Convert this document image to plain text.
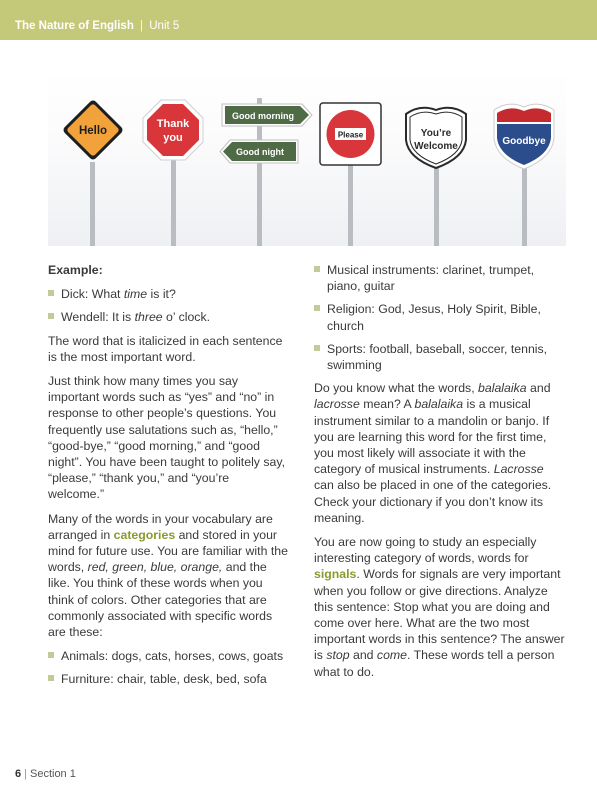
The Nature of English | Unit 5
Hello
Thank
you
Good morning
Good night
Please	You’re
Welcome	Goodbye

Example:

Dick: What time is it?
Wendell: It is three o’ clock.

The word that is italicized in each sentence is the most important word.

Just think how many times you say important words such as “yes” and “no” in response to other people’s questions. You frequently use salutations such as, “hello,” “good-bye,” “good morning,” and “good night”. You have been taught to politely say, “please,” “thank you,” and “you’re welcome.”

Many of the words in your vocabulary are arranged in categories and stored in your mind for future use. You are familiar with the words, red, green, blue, orange, and the like. You think of these words when you think of colors. Other categories that are commonly associated with specific words are these:

Animals: dogs, cats, horses, cows, goats
Furniture: chair, table, desk, bed, sofa
Musical instruments: clarinet, trumpet, piano, guitar
Religion: God, Jesus, Holy Spirit, Bible, church
Sports: football, baseball, soccer, tennis, swimming

Do you know what the words, balalaika and lacrosse mean? A balalaika is a musical instrument similar to a mandolin or banjo. If you are learning this word for the first time, you most likely will associate it with the category of musical instruments. Lacrosse can also be placed in one of the categories. Check your dictionary if you don’t know its meaning.

You are now going to study an especially interesting category of words, words for signals. Words for signals are very important when you follow or give directions. Analyze this sentence: Stop what you are doing and come over here. What are the two most important words in this sentence? The answer is stop and come. These words tell a person what to do.

6 | Section 1
